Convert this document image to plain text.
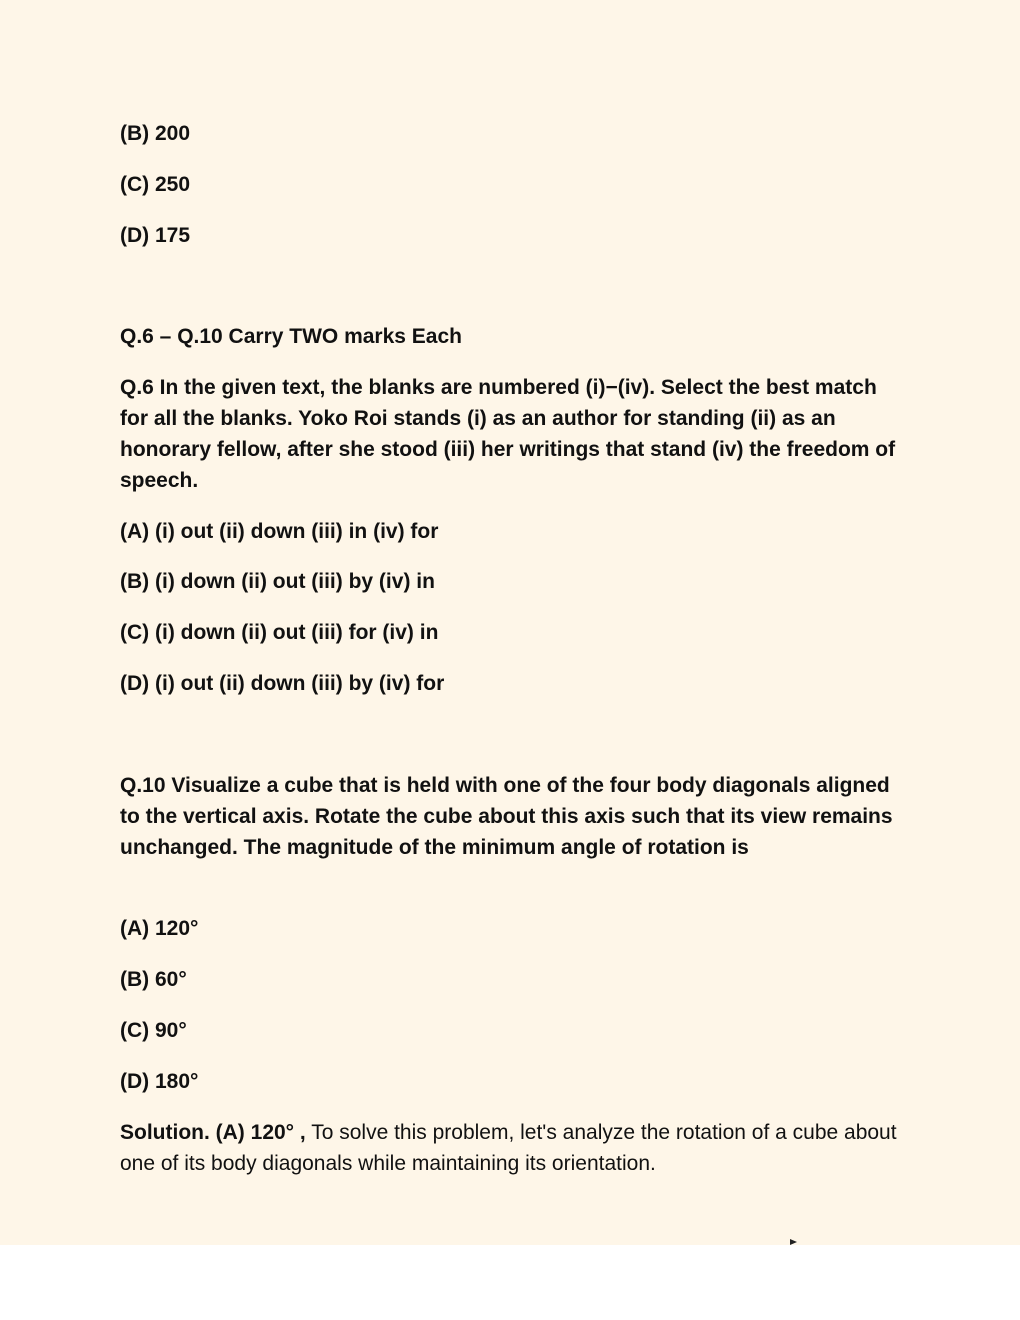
(B) 200
(C) 250
(D) 175
Q.6 – Q.10 Carry TWO marks Each
Q.6 In the given text, the blanks are numbered (i)−(iv). Select the best match for all the blanks. Yoko Roi stands (i) as an author for standing (ii) as an honorary fellow, after she stood (iii) her writings that stand (iv) the freedom of speech.
(A) (i) out (ii) down (iii) in (iv) for
(B) (i) down (ii) out (iii) by (iv) in
(C) (i) down (ii) out (iii) for (iv) in
(D) (i) out (ii) down (iii) by (iv) for
Q.10 Visualize a cube that is held with one of the four body diagonals aligned to the vertical axis. Rotate the cube about this axis such that its view remains unchanged. The magnitude of the minimum angle of rotation is
(A) 120°
(B) 60°
(C) 90°
(D) 180°
Solution. (A) 120° , To solve this problem, let's analyze the rotation of a cube about one of its body diagonals while maintaining its orientation.
